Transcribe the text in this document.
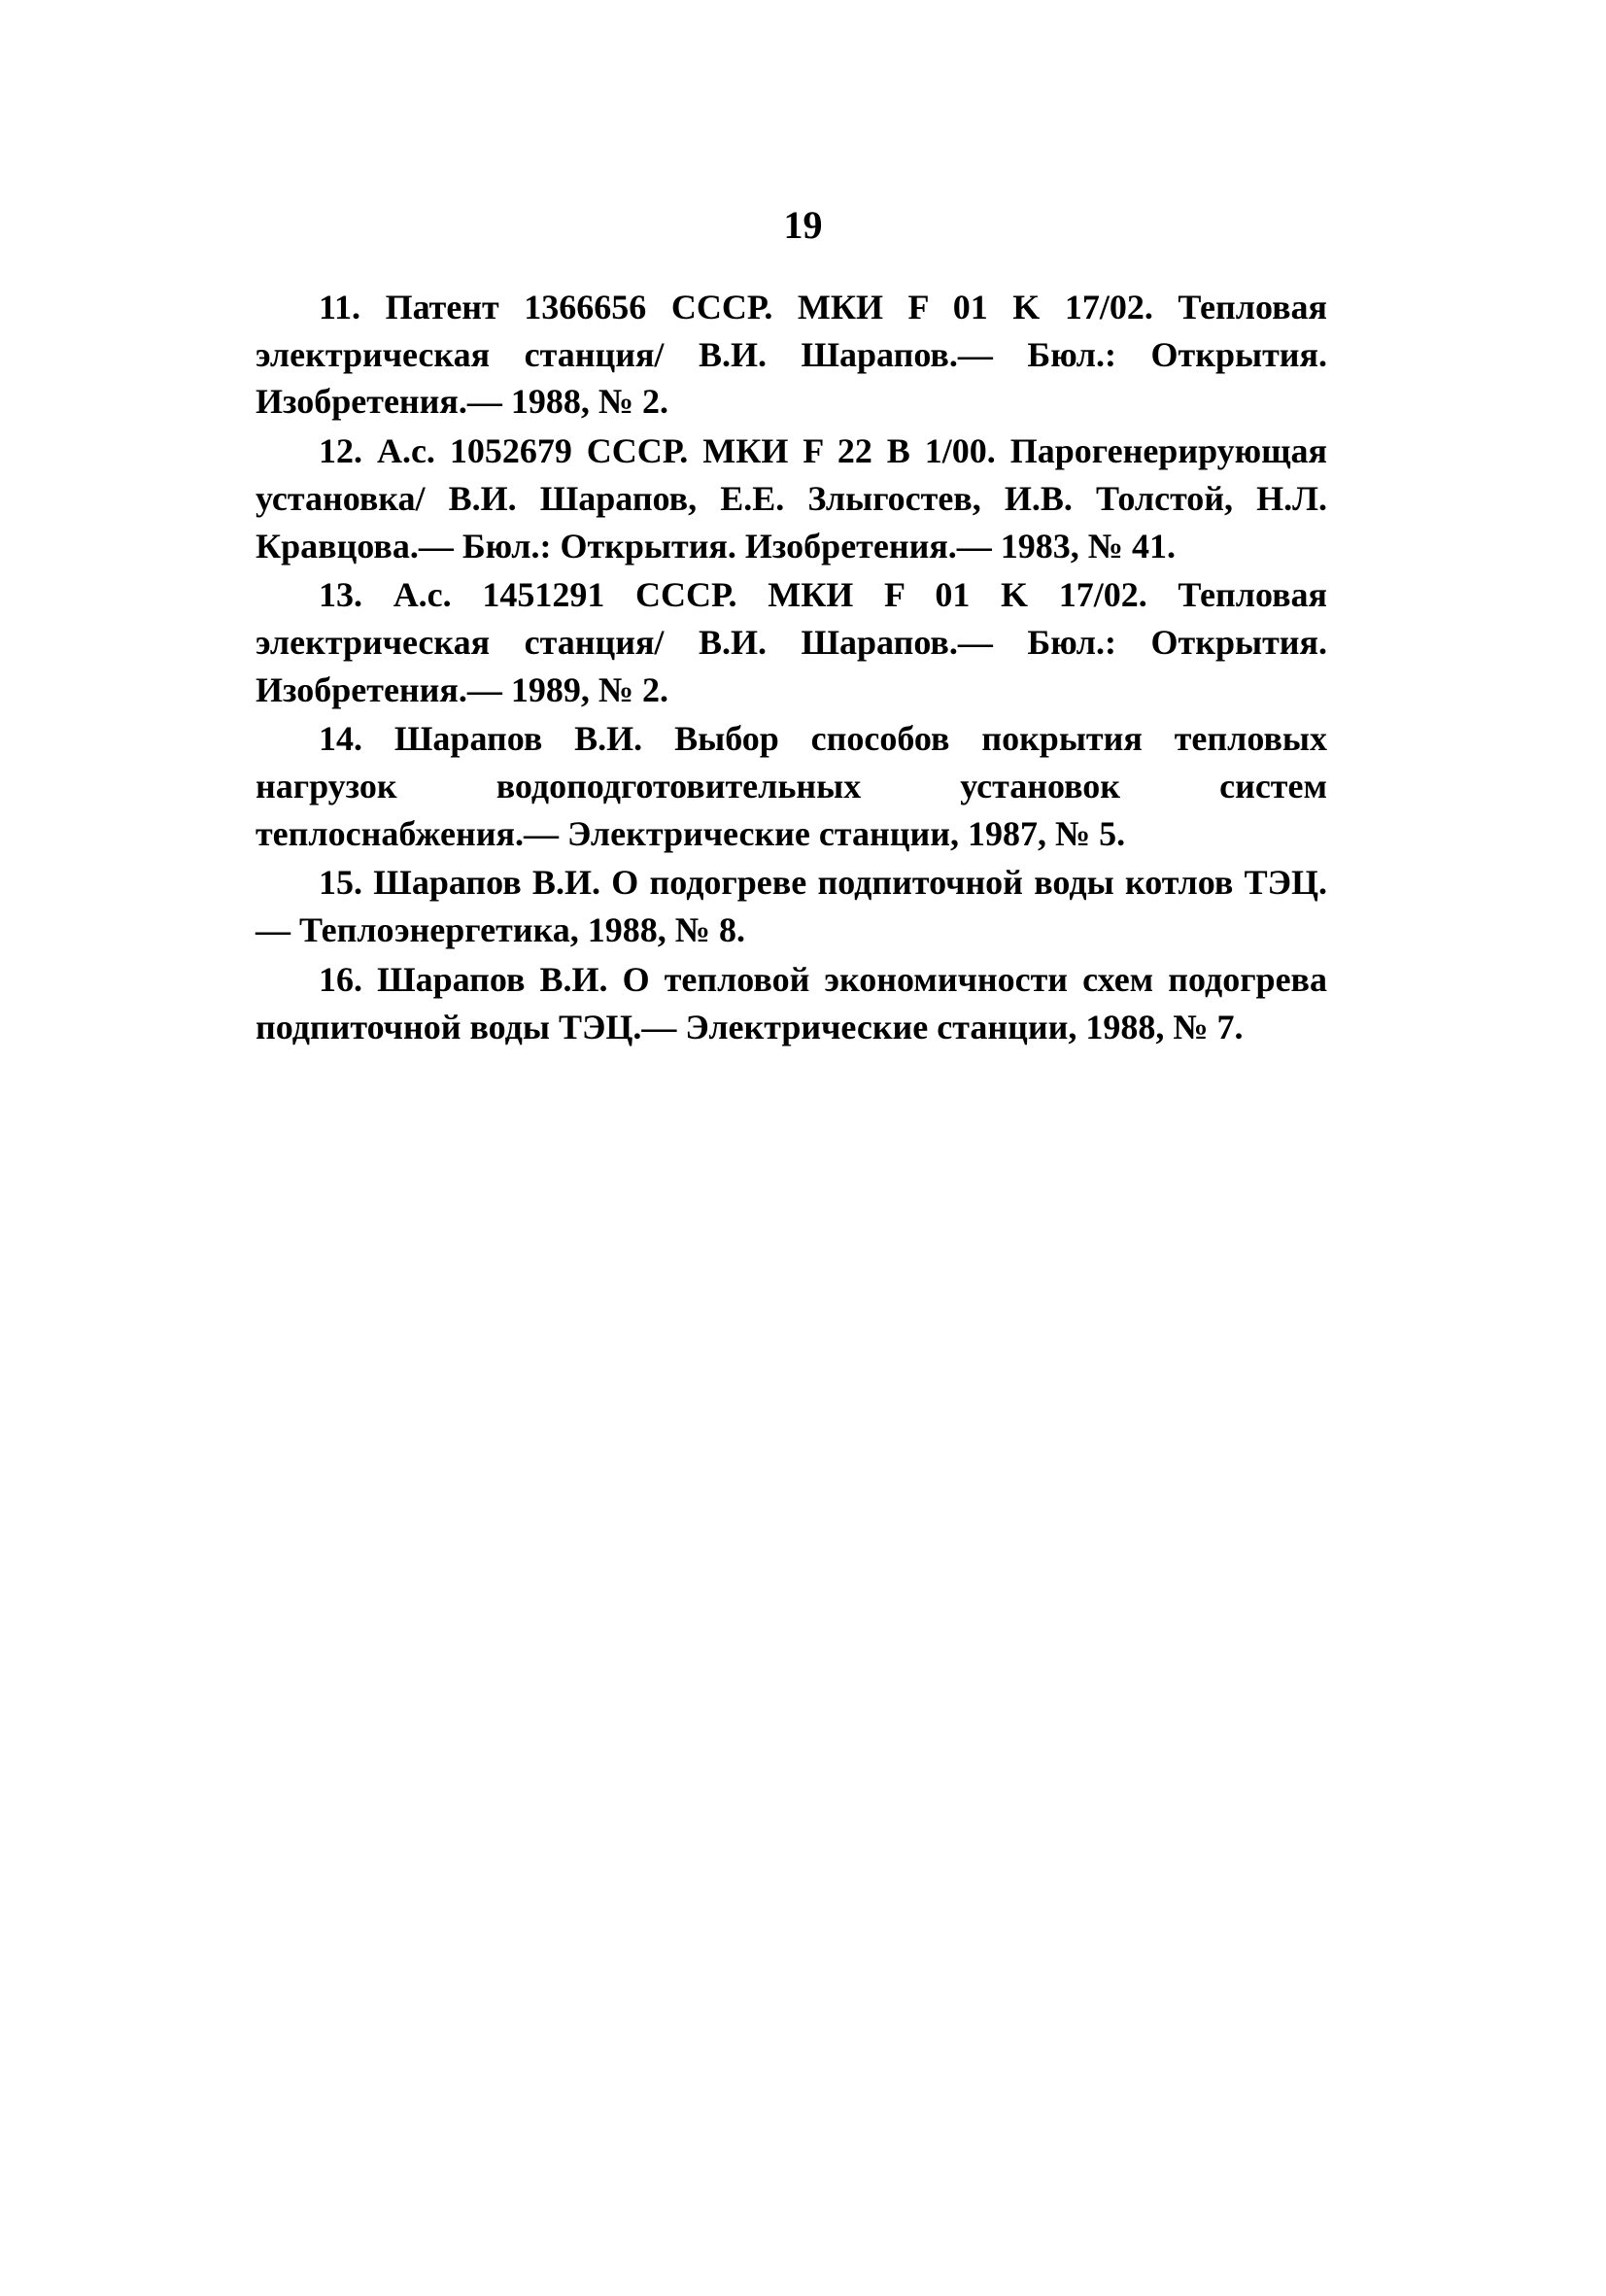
19

11. Патент 1366656 СССР. МКИ F 01 K 17/02. Тепловая электрическая станция/ В.И. Шарапов.— Бюл.: Открытия. Изобретения.— 1988, № 2.

12. А.с. 1052679 СССР. МКИ F 22 B 1/00. Парогенерирующая установка/ В.И. Шарапов, Е.Е. Злыгостев, И.В. Толстой, Н.Л. Кравцова.— Бюл.: Открытия. Изобретения.— 1983, № 41.

13. А.с. 1451291 СССР. МКИ F 01 K 17/02. Тепловая электрическая станция/ В.И. Шарапов.— Бюл.: Открытия. Изобретения.— 1989, № 2.

14. Шарапов В.И. Выбор способов покрытия тепловых нагрузок водоподготовительных установок систем теплоснабжения.— Электрические станции, 1987, № 5.

15. Шарапов В.И. О подогреве подпиточной воды котлов ТЭЦ.— Теплоэнергетика, 1988, № 8.

16. Шарапов В.И. О тепловой экономичности схем подогрева подпиточной воды ТЭЦ.— Электрические станции, 1988, № 7.
